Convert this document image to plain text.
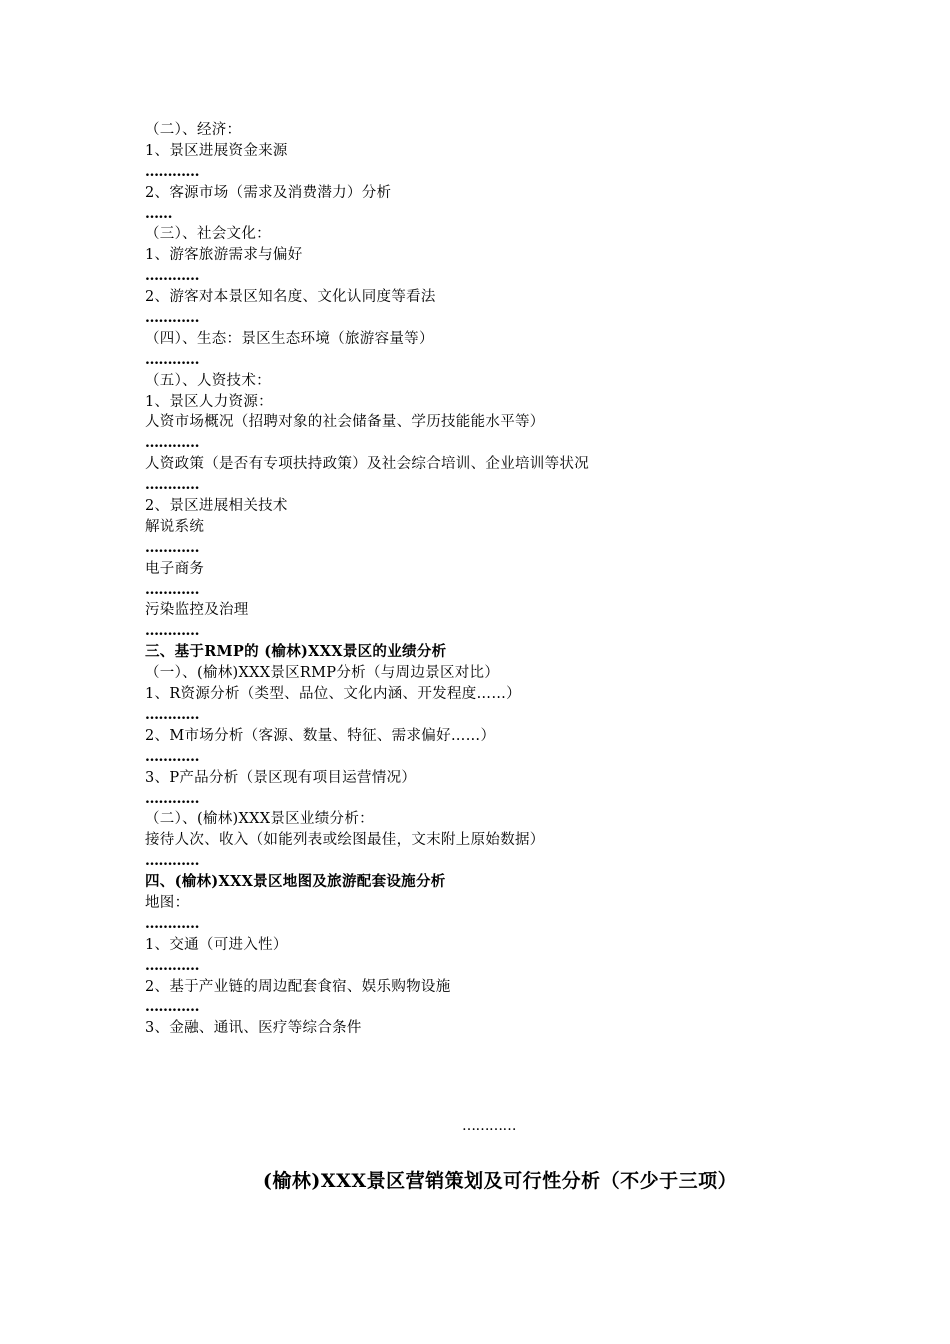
（二）、经济：
1、景区进展资金来源
…………
2、客源市场（需求及消费潜力）分析
……
（三）、社会文化：
1、游客旅游需求与偏好
…………
2、游客对本景区知名度、文化认同度等看法
…………
（四）、生态：景区生态环境（旅游容量等）
…………
（五）、人资技术：
1、景区人力资源：
人资市场概况（招聘对象的社会储备量、学历技能能水平等）
…………
人资政策（是否有专项扶持政策）及社会综合培训、企业培训等状况
…………
2、景区进展相关技术
解说系统
…………
电子商务
…………
污染监控及治理
…………
三、基于RMP的 (榆林)XXX景区的业绩分析
（一）、(榆林)XXX景区RMP分析（与周边景区对比）
1、R资源分析（类型、品位、文化内涵、开发程度……）
…………
2、M市场分析（客源、数量、特征、需求偏好……）
…………
3、P产品分析（景区现有项目运营情况）
…………
（二）、(榆林)XXX景区业绩分析：
接待人次、收入（如能列表或绘图最佳，文末附上原始数据）
…………
四、(榆林)XXX景区地图及旅游配套设施分析
地图：
…………
1、交通（可进入性）
…………
2、基于产业链的周边配套食宿、娱乐购物设施
…………
3、金融、通讯、医疗等综合条件
…………
(榆林)XXX景区营销策划及可行性分析（不少于三项）
